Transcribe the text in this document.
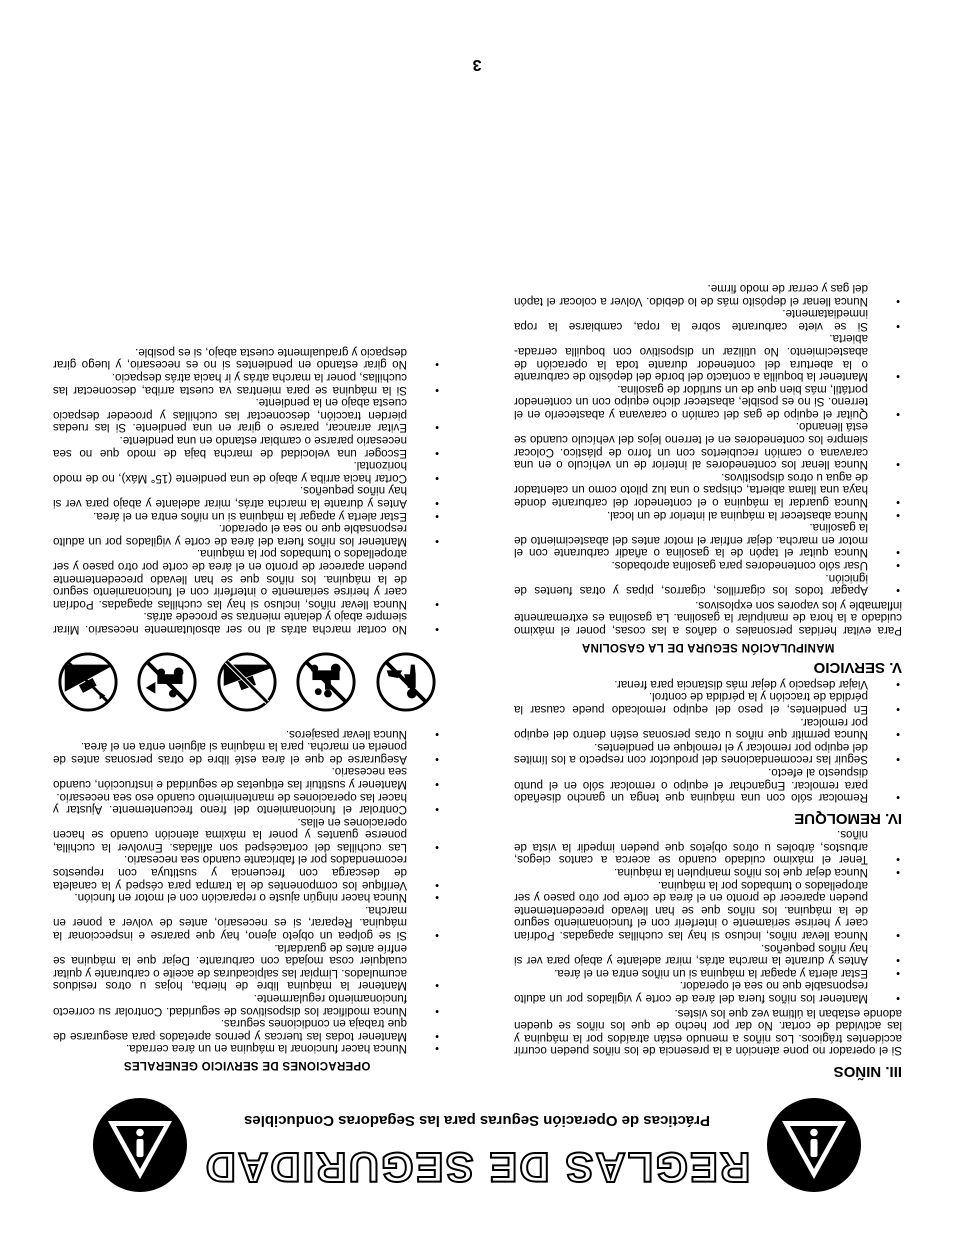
REGLAS DE SEGURIDAD
Prácticas de Operación Seguras para las Segadoras Conducibles
III. NIÑOS

Si el operador no pone atención a la presencia de los niños pueden ocurrir accidentes trágicos. Los niños a menudo están atraídos por la máquina y las actividad de cortar. No dar por hecho de que los niños se queden adonde estaban la última vez que los vistes.

• Mantener los niños fuera del área de corte y vigilados por un adulto responsable que no sea el operador.
• Estar alerta y apagar la máquina si un niños entra en el área.
• Antes y durante la marcha atrás, mirar adelante y abajo para ver si hay niños pequeños.
• Nunca llevar niños, incluso si hay las cuchillas apagadas. Podrían caer y herirse seriamente o interferir con el funcionamiento seguro de la máquina. los niños que se han llevado precedentemente pueden aparecer de pronto en el área de corte por otro paseo y ser atropellados o tumbados por la máquina.
• Nunca dejar que los niños manipulen la máquina.
• Tener el máximo cuidado cuando se acerca a cantos ciegos, arbustos, árboles u otros objetos que pueden impedir la vista de niños.
IV. REMOLQUE
• Remolcar sólo con una máquina que tenga un gancho diseñado para remolcar. Enganchar el equipo o remolcar sólo en el punto dispuesto al efecto.
• Seguir las recomendaciones del productor con respecto a los límites del equipo por remolcar y el remolque en pendientes.
• Nunca permitir que niños u otras personas estén dentro del equipo por remolcar.
• En pendientes, el peso del equipo remolcado puede causar la pérdida de tracción y la pérdida de control.
• Viajar despacio y dejar más distancia para frenar.
V. SERVICIO
MANIPULACIÓN SEGURA DE LA GASOLINA

Para evitar heridas personales o daños a las cosas, poner el máximo cuidado a la hora de manipular la gasolina. La gasolina es extremamente inflamable y los vapores son explosivos.

• Apagar todos los cigarrillos, cigarros, pipas y otras fuentes de ignición.
• Usar sólo contenedores para gasolina aprobados.
• Nunca quitar el tapón de la gasolina o añadir carburante con el motor en marcha. dejar enfriar el motor antes del abastecimiento de la gasolina.
• Nunca abastecer la máquina al interior de un local.
• Nunca guardar la máquina o el contenedor del carburante donde haya una llama abierta, chispas o una luz piloto como un calentador de agua u otros dispositivos.
• Nunca llenar los contenedores al interior de un vehículo o en una caravana o camión recubiertos con un forro de plástico. Colocar siempre los contenedores en el terreno lejos del vehículo cuando se está llenando.
• Quitar el equipo de gas del camión o caravana y abastecerlo en el terreno. Si no es posible, abastecer dicho equipo con un contenedor portátil, más bien que de un surtidor de gasolina.
• Mantener la boquilla a contacto del borde del depósito de carburante o la abertura del contenedor durante toda la operación de abastecimiento. No utilizar un dispositivo con boquilla cerrada-abierta.
• Si se viete carburante sobre la ropa, cambiarse la ropa inmediatamente.
• Nunca llenar el depósito más de lo debido. Volver a colocar el tapón del gas y cerrar de modo firme.
OPERACIONES DE SERVICIO GENERALES
• Nunca hacer funcionar la máquina en un área cerrada.
• Mantener todas las tuercas y pernos apretados para asegurarse de que trabaja en condiciones seguras.
• Nunca modificar los dispositivos de seguridad. Controlar su correcto funcionamiento regularmente.
• Mantener la máquina libre de hierba, hojas u otros residuos acumulados. Limpiar las salpicaduras de aceite o carburante y quitar cualquier cosa mojada con carburante. Dejar que la máquina se enfríe antes de guardarla.
• Si se golpea un objeto ajeno, hay que pararse e inspeccionar la máquina. Reparar, si es necesario, antes de volver a poner en marcha.
• Nunca hacer ningún ajuste o reparación con el motor en función.
• Verifique los componentes de la trampa para césped y la canaleta de descarga con frecuencia y sustituya con repuestos recomendados por el fabricante cuando sea necesario.
• Las cuchillas del cortacésped son afiladas. Envolver la cuchilla, ponerse guantes y poner la máxima atención cuando se hacen operaciones en ellas.
• Controlar el funcionamiento del freno frecuentemente. Ajustar y hacer las operaciones de mantenimiento cuando eso sea necesario.
• Mantener y sustituir las etiquetas de seguridad e instrucción, cuando sea necesario.
• Asegurarse de que el área esté libre de otras personas antes de ponerla en marcha. para la máquina si alguien entra en el área.
• Nunca llevar pasajeros.
• No cortar marcha atrás al no ser absolutamente necesario. Mirar siempre abajo y delante mientras se procede atrás.
• Nunca llevar niños, incluso si hay las cuchillas apagadas. Podrían caer y herirse seriamente o interferir con el funcionamiento seguro de la máquina. los niños que se han llevado precedentemente pueden aparecer de pronto en el área de corte por otro paseo y ser atropellados o tumbados por la máquina.
• Mantener los niños fuera del área de corte y vigilados por un adulto responsable que no sea el operador.
• Estar alerta y apagar la máquina si un niños entra en el área.
• Antes y durante la marcha atrás, mirar adelante y abajo para ver si hay niños pequeños.
• Cortar hacia arriba y abajo de una pendiente (15° Máx), no de modo horizontal.
• Escoger una velocidad de marcha baja de modo que no sea necesario pararse o cambiar estando en una pendiente.
• Evitar arrancar, pararse o girar en una pendiente. Si las ruedas pierden tracción, desconectar las cuchillas y proceder despacio cuesta abajo en la pendiente.
• Si la máquina se para mientras va cuesta arriba, desconectar las cuchillas, poner la marcha atrás y ir hacia atrás despacio.
• No girar estando en pendientes si no es necesario, y luego girar despacio y gradualmente cuesta abajo, si es posible.
3
